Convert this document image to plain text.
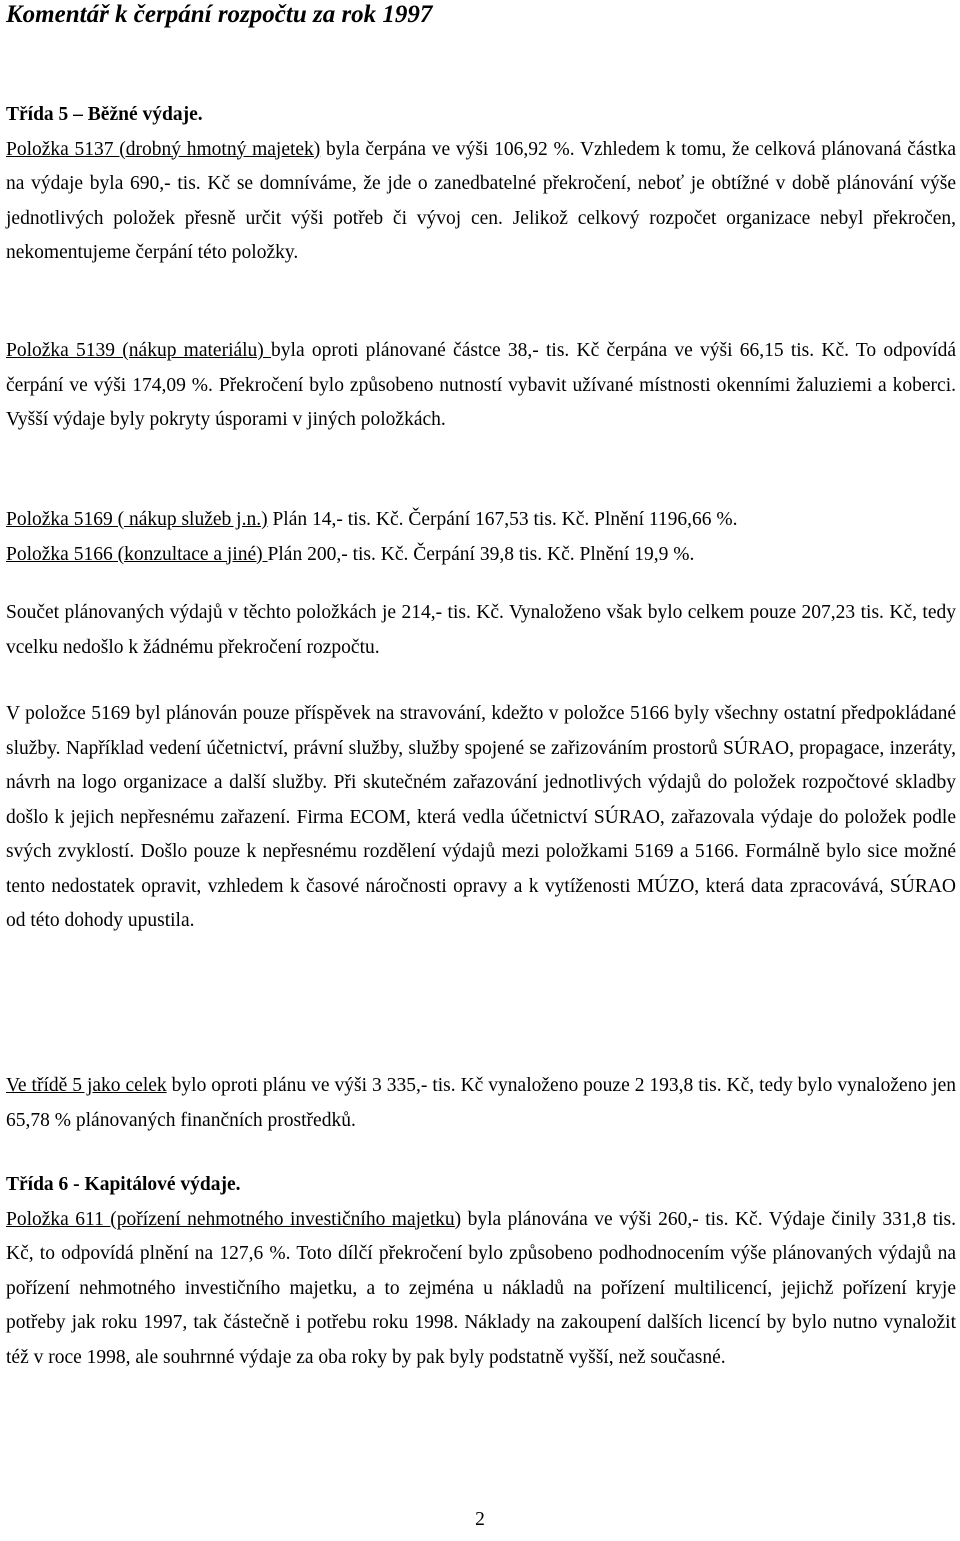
Komentář k čerpání rozpočtu za rok 1997
Třída 5 – Běžné výdaje.
Položka 5137 (drobný hmotný majetek) byla čerpána ve výši 106,92 %. Vzhledem k tomu, že celková plánovaná částka na výdaje byla 690,- tis. Kč se domníváme, že jde o zanedbatelné překročení, neboť je obtížné v době plánování výše jednotlivých položek přesně určit výši potřeb či vývoj cen. Jelikož celkový rozpočet organizace nebyl překročen, nekomentujeme čerpání této položky.
Položka 5139 (nákup materiálu) byla oproti plánované částce 38,- tis. Kč čerpána ve výši 66,15 tis. Kč. To odpovídá čerpání ve výši 174,09 %. Překročení bylo způsobeno nutností vybavit užívané místnosti okenními žaluziemi a koberci. Vyšší výdaje byly pokryty úsporami v jiných položkách.
Položka 5169 ( nákup služeb j.n.) Plán 14,- tis. Kč. Čerpání 167,53 tis. Kč. Plnění 1196,66 %.
Položka 5166 (konzultace a jiné) Plán 200,- tis. Kč. Čerpání 39,8 tis. Kč. Plnění 19,9 %.
Součet plánovaných výdajů v těchto položkách je 214,- tis. Kč. Vynaloženo však bylo celkem pouze 207,23 tis. Kč, tedy vcelku nedošlo k žádnému překročení rozpočtu.
V položce 5169 byl plánován pouze příspěvek na stravování, kdežto v položce 5166 byly všechny ostatní předpokládané služby. Například vedení účetnictví, právní služby, služby spojené se zařizováním prostorů SÚRAO, propagace, inzeráty, návrh na logo organizace a další služby. Při skutečném zařazování jednotlivých výdajů do položek rozpočtové skladby došlo k jejich nepřesnému zařazení. Firma ECOM, která vedla účetnictví SÚRAO, zařazovala výdaje do položek podle svých zvyklostí. Došlo pouze k nepřesnému rozdělení výdajů mezi položkami 5169 a 5166. Formálně bylo sice možné tento nedostatek opravit, vzhledem k časové náročnosti opravy a k vytíženosti MÚZO, která data zpracovává, SÚRAO od této dohody upustila.
Ve třídě 5 jako celek bylo oproti plánu ve výši 3 335,- tis. Kč vynaloženo pouze 2 193,8 tis. Kč, tedy bylo vynaloženo jen 65,78 % plánovaných finančních prostředků.
Třída 6 - Kapitálové výdaje.
Položka 611 (pořízení nehmotného investičního majetku) byla plánována ve výši 260,- tis. Kč. Výdaje činily 331,8 tis. Kč, to odpovídá plnění na 127,6 %. Toto dílčí překročení bylo způsobeno podhodnocením výše plánovaných výdajů na pořízení nehmotného investičního majetku, a to zejména u nákladů na pořízení multilicencí, jejichž pořízení kryje potřeby jak roku 1997, tak částečně i potřebu roku 1998. Náklady na zakoupení dalších licencí by bylo nutno vynaložit též v roce 1998, ale souhrnné výdaje za oba roky by pak byly podstatně vyšší, než současné.
2
